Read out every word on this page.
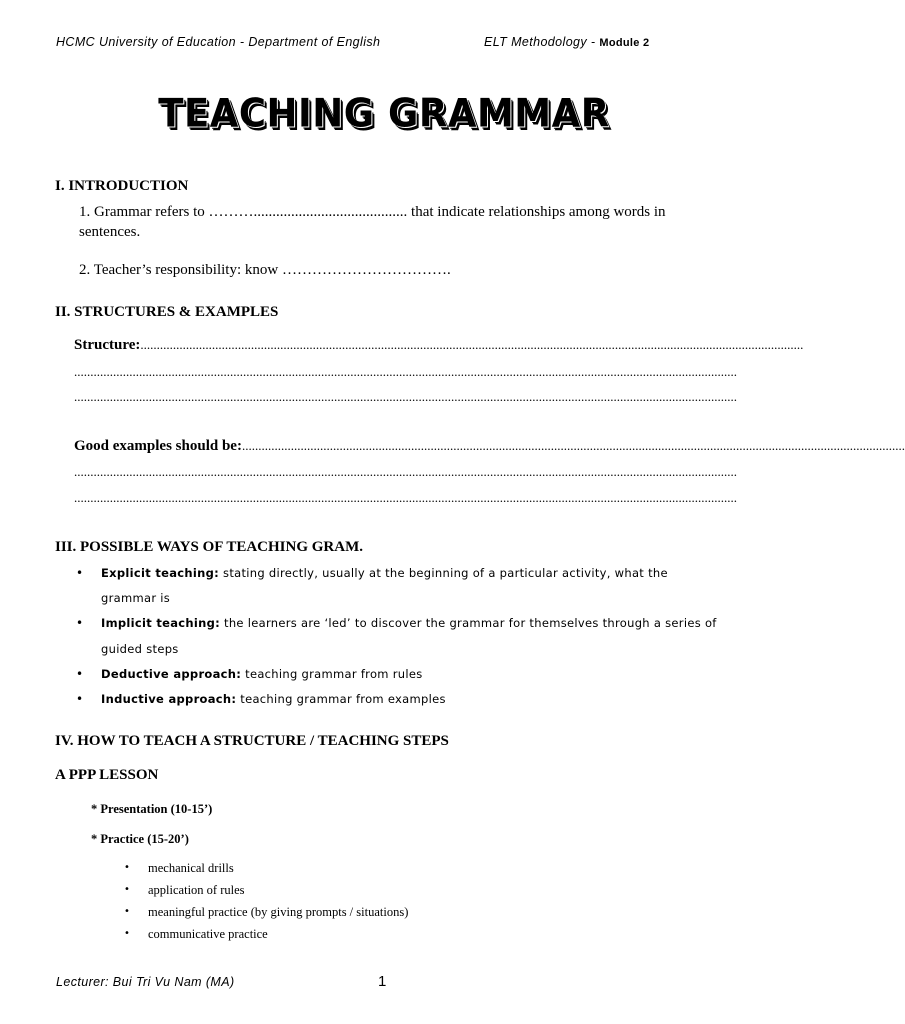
HCMC University of Education - Department of English	ELT Methodology - Module 2
TEACHING GRAMMAR
I. INTRODUCTION
1. Grammar refers to ………......................................... that indicate relationships among words in
sentences.
2. Teacher’s responsibility: know …………………………….
II. STRUCTURES & EXAMPLES
Structure: ............................................................................................................................................................................................................
............................................................................................................................................................................................................
............................................................................................................................................................................................................
Good examples should be: ............................................................................................................................................................................................................
............................................................................................................................................................................................................
............................................................................................................................................................................................................
III. POSSIBLE WAYS OF TEACHING GRAM.
• Explicit teaching: stating directly, usually at the beginning of a particular activity, what the
grammar is
• Implicit teaching: the learners are ‘led’ to discover the grammar for themselves through a series of
guided steps
• Deductive approach: teaching grammar from rules
• Inductive approach: teaching grammar from examples
IV. HOW TO TEACH A STRUCTURE / TEACHING STEPS
A PPP LESSON
* Presentation (10-15’)
* Practice (15-20’)
• mechanical drills
• application of rules
• meaningful practice (by giving prompts / situations)
• communicative practice
Lecturer: Bui Tri Vu Nam (MA)	1
